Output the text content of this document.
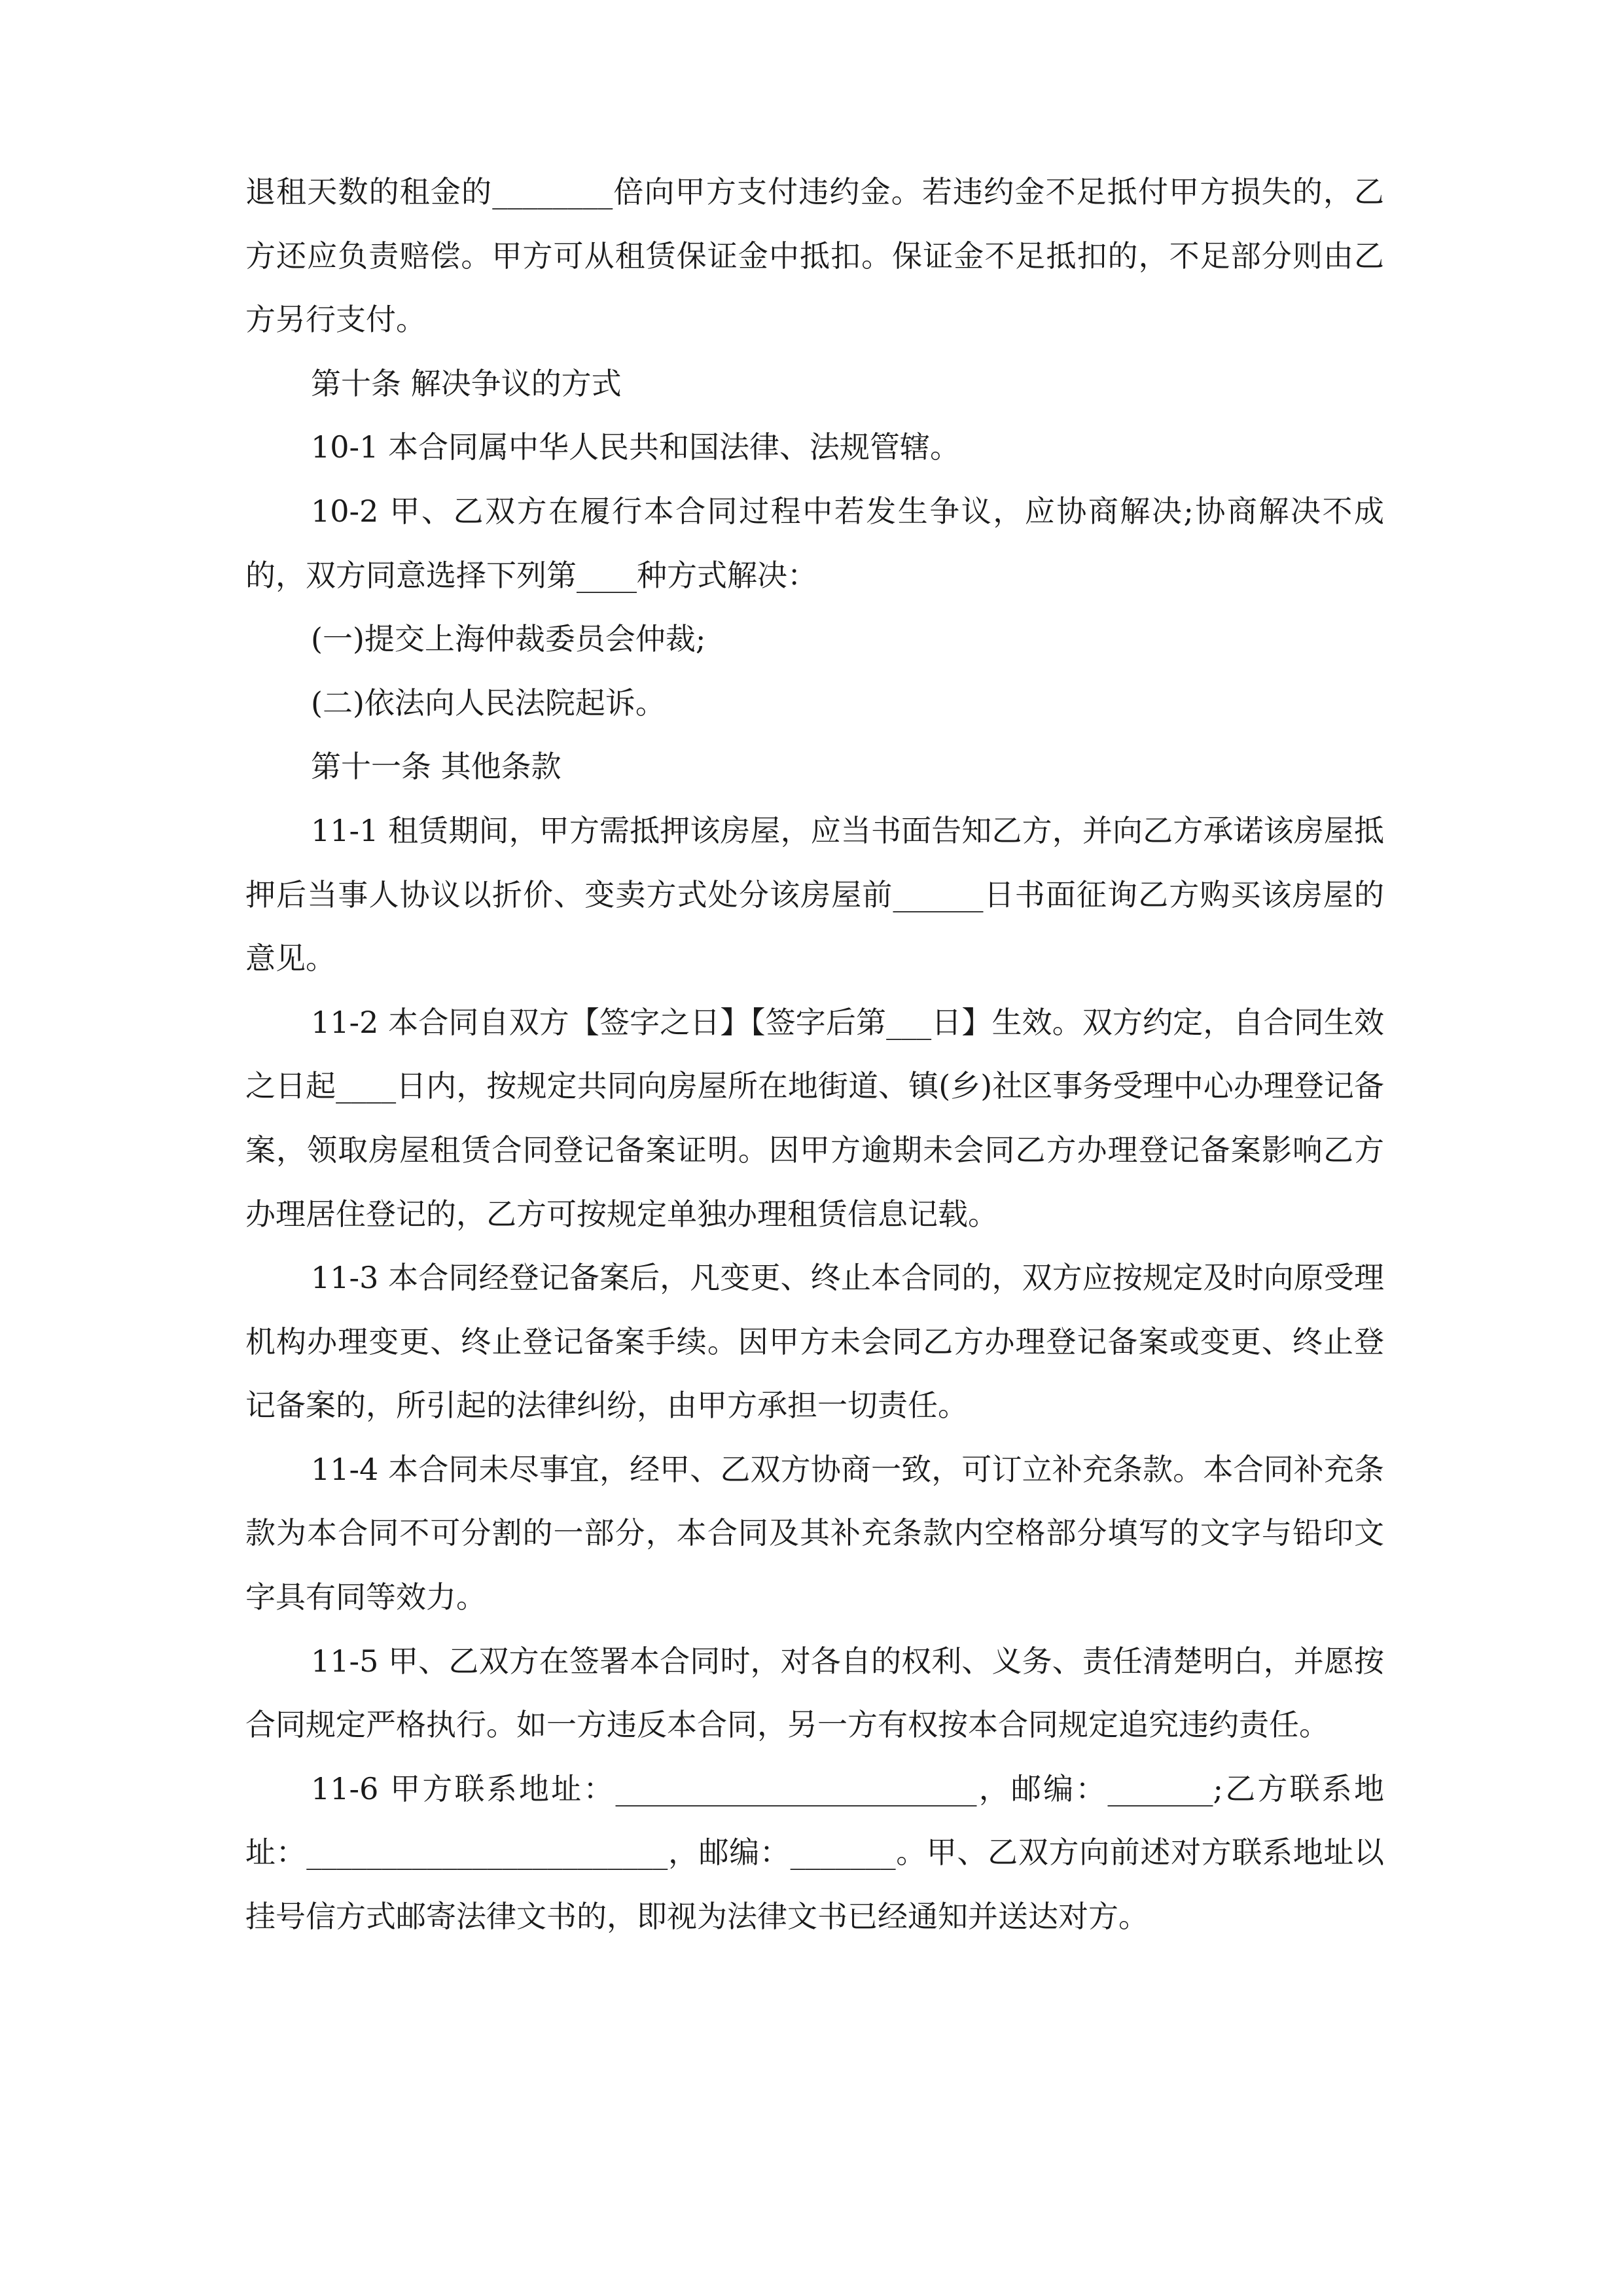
退租天数的租金的________倍向甲方支付违约金。若违约金不足抵付甲方损失的，乙方还应负责赔偿。甲方可从租赁保证金中抵扣。保证金不足抵扣的，不足部分则由乙方另行支付。

第十条 解决争议的方式

10-1 本合同属中华人民共和国法律、法规管辖。

10-2 甲、乙双方在履行本合同过程中若发生争议，应协商解决;协商解决不成的，双方同意选择下列第____种方式解决：

(一)提交上海仲裁委员会仲裁;

(二)依法向人民法院起诉。

第十一条 其他条款

11-1 租赁期间，甲方需抵押该房屋，应当书面告知乙方，并向乙方承诺该房屋抵押后当事人协议以折价、变卖方式处分该房屋前______日书面征询乙方购买该房屋的意见。

11-2 本合同自双方【签字之日】【签字后第___日】生效。双方约定，自合同生效之日起____日内，按规定共同向房屋所在地街道、镇(乡)社区事务受理中心办理登记备案，领取房屋租赁合同登记备案证明。因甲方逾期未会同乙方办理登记备案影响乙方办理居住登记的，乙方可按规定单独办理租赁信息记载。

11-3 本合同经登记备案后，凡变更、终止本合同的，双方应按规定及时向原受理机构办理变更、终止登记备案手续。因甲方未会同乙方办理登记备案或变更、终止登记备案的，所引起的法律纠纷，由甲方承担一切责任。

11-4 本合同未尽事宜，经甲、乙双方协商一致，可订立补充条款。本合同补充条款为本合同不可分割的一部分，本合同及其补充条款内空格部分填写的文字与铅印文字具有同等效力。

11-5 甲、乙双方在签署本合同时，对各自的权利、义务、责任清楚明白，并愿按合同规定严格执行。如一方违反本合同，另一方有权按本合同规定追究违约责任。

11-6 甲方联系地址：________________________，邮编：_______;乙方联系地址：________________________，邮编：_______。甲、乙双方向前述对方联系地址以挂号信方式邮寄法律文书的，即视为法律文书已经通知并送达对方。
